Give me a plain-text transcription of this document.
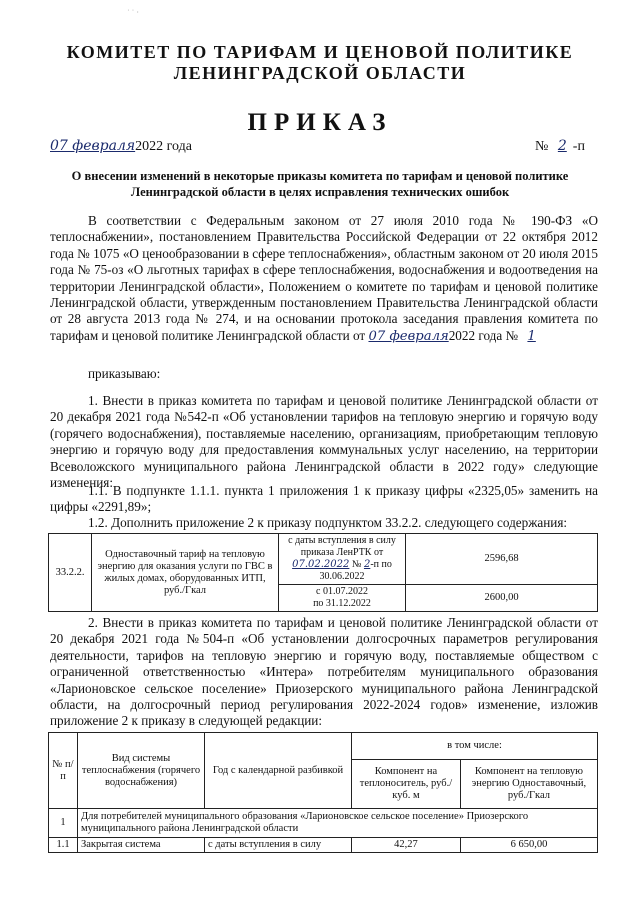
˙ ˙ ·
КОМИТЕТ ПО ТАРИФАМ И ЦЕНОВОЙ ПОЛИТИКЕ
ЛЕНИНГРАДСКОЙ ОБЛАСТИ
ПРИКАЗ
07 февраля2022 года	№ 2 -п
О внесении изменений в некоторые приказы комитета по тарифам и ценовой политике
Ленинградской области в целях исправления технических ошибок
В соответствии с Федеральным законом от 27 июля 2010 года № 190-ФЗ «О теплоснабжении», постановлением Правительства Российской Федерации от 22 октября 2012 года № 1075 «О ценообразовании в сфере теплоснабжения», областным законом от 20 июля 2015 года № 75-оз «О льготных тарифах в сфере теплоснабжения, водоснабжения и водоотведения на территории Ленинградской области», Положением о комитете по тарифам и ценовой политике Ленинградской области, утвержденным постановлением Правительства Ленинградской области от 28 августа 2013 года № 274, и на основании протокола заседания правления комитета по тарифам и ценовой политике Ленинградской области от 07 февраля2022 года № 1
приказываю:
1. Внести в приказ комитета по тарифам и ценовой политике Ленинградской области от 20 декабря 2021 года №542-п «Об установлении тарифов на тепловую энергию и горячую воду (горячего водоснабжения), поставляемые населению, организациям, приобретающим тепловую энергию и горячую воду для предоставления коммунальных услуг населению, на территории Всеволожского муниципального района Ленинградской области в 2022 году» следующие изменения:
1.1. В подпункте 1.1.1. пункта 1 приложения 1 к приказу цифры «2325,05» заменить на цифры «2291,89»;
1.2. Дополнить приложение 2 к приказу подпунктом 33.2.2. следующего содержания:
33.2.2.	Одноставочный тариф на тепловую энергию для оказания услуги по ГВС в жилых домах, оборудованных ИТП, руб./Гкал	с даты вступления в силу
приказа ЛенРТК от
07.02.2022 № 2-п по
30.06.2022	2596,68

		с 01.07.2022
по 31.12.2022	2600,00
2. Внести в приказ комитета по тарифам и ценовой политике Ленинградской области от 20 декабря 2021 года №504-п «Об установлении долгосрочных параметров регулирования деятельности, тарифов на тепловую энергию и горячую воду, поставляемые обществом с ограниченной ответственностью «Интера» потребителям муниципального образования «Ларионовское сельское поселение» Приозерского муниципального района Ленинградской области, на долгосрочный период регулирования 2022-2024 годов» изменение, изложив приложение 2 к приказу в следующей редакции:
№ п/п	Вид системы теплоснабжения (горячего водоснабжения)	Год с календарной разбивкой	в том числе:	
			Компонент на теплоноситель, руб./куб. м	Компонент на тепловую энергию Одноставочный, руб./Гкал
1	Для потребителей муниципального образования «Ларионовское сельское поселение» Приозерского муниципального района Ленинградской области			
1.1	Закрытая система	с даты вступления в силу	42,27	6 650,00
